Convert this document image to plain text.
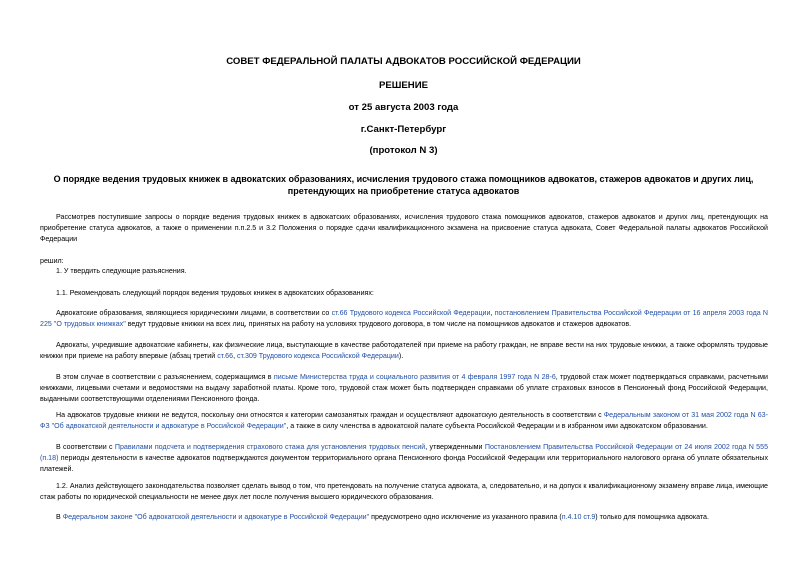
СОВЕТ ФЕДЕРАЛЬНОЙ ПАЛАТЫ АДВОКАТОВ РОССИЙСКОЙ ФЕДЕРАЦИИ
РЕШЕНИЕ
от 25 августа 2003 года
г.Санкт-Петербург
(протокол N 3)
О порядке ведения трудовых книжек в адвокатских образованиях, исчисления трудового стажа помощников адвокатов, стажеров адвокатов и других лиц,
претендующих на приобретение статуса адвокатов
Рассмотрев поступившие запросы о порядке ведения трудовых книжек в адвокатских образованиях, исчисления трудового стажа помощников адвокатов, стажеров адвокатов и других лиц, претендующих на приобретение статуса адвокатов, а также о применении п.п.2.5 и 3.2 Положения о порядке сдачи квалификационного экзамена на присвоение статуса адвоката, Совет Федеральной палаты адвокатов Российской Федерации
решил:
1. У твердить следующие разъяснения.
1.1. Рекомендовать следующий порядок ведения трудовых книжек в адвокатских образованиях:
Адвокатские образования, являющиеся юридическими лицами, в соответствии со ст.66 Трудового кодекса Российской Федерации, постановлением Правительства Российской Федерации от 16 апреля 2003 года N 225 "О трудовых книжках" ведут трудовые книжки на всех лиц, принятых на работу на условиях трудового договора, в том числе на помощников адвокатов и стажеров адвокатов.
Адвокаты, учредившие адвокатские кабинеты, как физические лица, выступающие в качестве работодателей при приеме на работу граждан, не вправе вести на них трудовые книжки, а также оформлять трудовые книжки при приеме на работу впервые (абзац третий ст.66, ст.309 Трудового кодекса Российской Федерации).
В этом случае в соответствии с разъяснением, содержащимся в письме Министерства труда и социального развития от 4 февраля 1997 года N 28-6, трудовой стаж может подтверждаться справками, расчетными книжками, лицевыми счетами и ведомостями на выдачу заработной платы. Кроме того, трудовой стаж может быть подтвержден справками об уплате страховых взносов в Пенсионный фонд Российской Федерации, выданными соответствующими отделениями Пенсионного фонда.
На адвокатов трудовые книжки не ведутся, поскольку они относятся к категории самозанятых граждан и осуществляют адвокатскую деятельность в соответствии с Федеральным законом от 31 мая 2002 года N 63-ФЗ "Об адвокатской деятельности и адвокатуре в Российской Федерации", а также в силу членства в адвокатской палате субъекта Российской Федерации и в избранном ими адвокатском образовании.
В соответствии с Правилами подсчета и подтверждения страхового стажа для установления трудовых пенсий, утвержденными Постановлением Правительства Российской Федерации от 24 июля 2002 года N 555 (п.18) периоды деятельности в качестве адвокатов подтверждаются документом территориального органа Пенсионного фонда Российской Федерации или территориального налогового органа об уплате обязательных платежей.
1.2. Анализ действующего законодательства позволяет сделать вывод о том, что претендовать на получение статуса адвоката, а, следовательно, и на допуск к квалификационному экзамену вправе лица, имеющие стаж работы по юридической специальности не менее двух лет после получения высшего юридического образования.
В Федеральном законе "Об адвокатской деятельности и адвокатуре в Российской Федерации" предусмотрено одно исключение из указанного правила (п.4.10 ст.9) только для помощника адвоката.
